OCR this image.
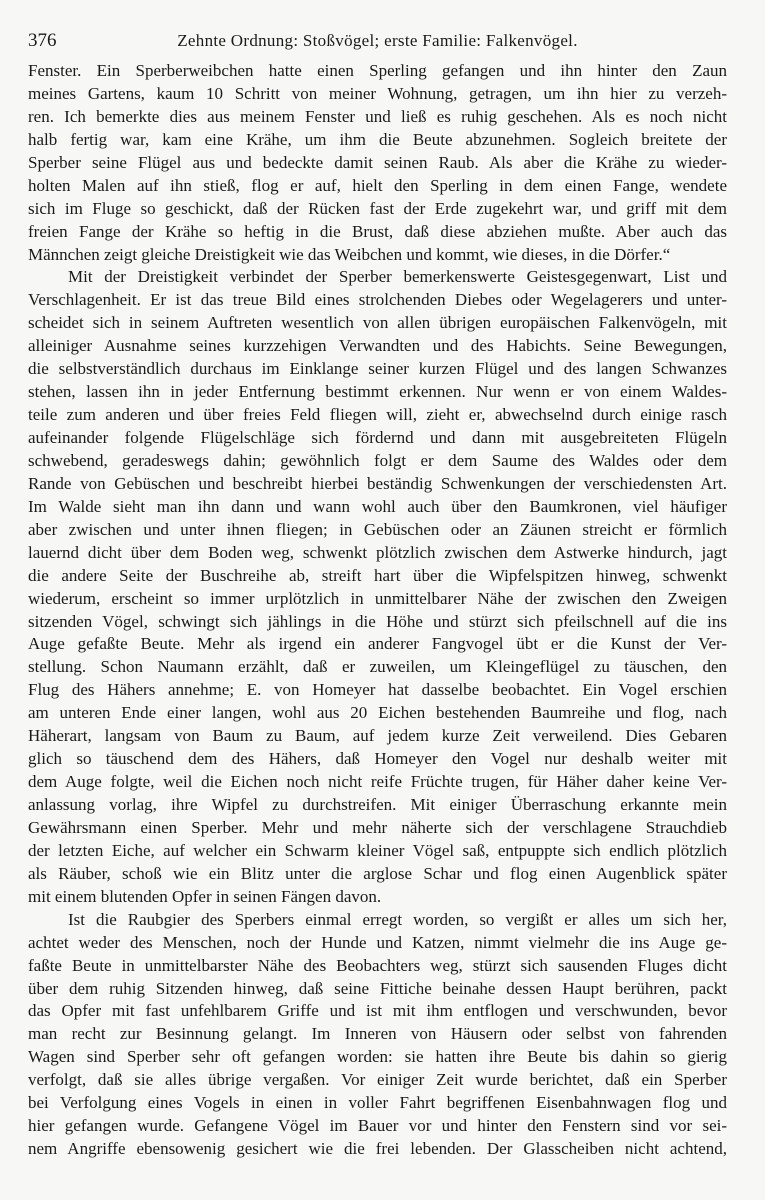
376	Zehnte Ordnung: Stoßvögel; erste Familie: Falkenvögel.
Fenster. Ein Sperberweibchen hatte einen Sperling gefangen und ihn hinter den Zaun
meines Gartens, kaum 10 Schritt von meiner Wohnung, getragen, um ihn hier zu verzeh-
ren. Ich bemerkte dies aus meinem Fenster und ließ es ruhig geschehen. Als es noch nicht
halb fertig war, kam eine Krähe, um ihm die Beute abzunehmen. Sogleich breitete der
Sperber seine Flügel aus und bedeckte damit seinen Raub. Als aber die Krähe zu wieder-
holten Malen auf ihn stieß, flog er auf, hielt den Sperling in dem einen Fange, wendete
sich im Fluge so geschickt, daß der Rücken fast der Erde zugekehrt war, und griff mit dem
freien Fange der Krähe so heftig in die Brust, daß diese abziehen mußte. Aber auch das
Männchen zeigt gleiche Dreistigkeit wie das Weibchen und kommt, wie dieses, in die Dörfer.“
Mit der Dreistigkeit verbindet der Sperber bemerkenswerte Geistesgegenwart, List und
Verschlagenheit. Er ist das treue Bild eines strolchenden Diebes oder Wegelagerers und unter-
scheidet sich in seinem Auftreten wesentlich von allen übrigen europäischen Falkenvögeln, mit
alleiniger Ausnahme seines kurzzehigen Verwandten und des Habichts. Seine Bewegungen,
die selbstverständlich durchaus im Einklange seiner kurzen Flügel und des langen Schwanzes
stehen, lassen ihn in jeder Entfernung bestimmt erkennen. Nur wenn er von einem Waldes-
teile zum anderen und über freies Feld fliegen will, zieht er, abwechselnd durch einige rasch
aufeinander folgende Flügelschläge sich fördernd und dann mit ausgebreiteten Flügeln
schwebend, geradeswegs dahin; gewöhnlich folgt er dem Saume des Waldes oder dem
Rande von Gebüschen und beschreibt hierbei beständig Schwenkungen der verschiedensten Art.
Im Walde sieht man ihn dann und wann wohl auch über den Baumkronen, viel häufiger
aber zwischen und unter ihnen fliegen; in Gebüschen oder an Zäunen streicht er förmlich
lauernd dicht über dem Boden weg, schwenkt plötzlich zwischen dem Astwerke hindurch, jagt
die andere Seite der Buschreihe ab, streift hart über die Wipfelspitzen hinweg, schwenkt
wiederum, erscheint so immer urplötzlich in unmittelbarer Nähe der zwischen den Zweigen
sitzenden Vögel, schwingt sich jählings in die Höhe und stürzt sich pfeilschnell auf die ins
Auge gefaßte Beute. Mehr als irgend ein anderer Fangvogel übt er die Kunst der Ver-
stellung. Schon Naumann erzählt, daß er zuweilen, um Kleingeflügel zu täuschen, den
Flug des Hähers annehme; E. von Homeyer hat dasselbe beobachtet. Ein Vogel erschien
am unteren Ende einer langen, wohl aus 20 Eichen bestehenden Baumreihe und flog, nach
Häherart, langsam von Baum zu Baum, auf jedem kurze Zeit verweilend. Dies Gebaren
glich so täuschend dem des Hähers, daß Homeyer den Vogel nur deshalb weiter mit
dem Auge folgte, weil die Eichen noch nicht reife Früchte trugen, für Häher daher keine Ver-
anlassung vorlag, ihre Wipfel zu durchstreifen. Mit einiger Überraschung erkannte mein
Gewährsmann einen Sperber. Mehr und mehr näherte sich der verschlagene Strauchdieb
der letzten Eiche, auf welcher ein Schwarm kleiner Vögel saß, entpuppte sich endlich plötzlich
als Räuber, schoß wie ein Blitz unter die arglose Schar und flog einen Augenblick später
mit einem blutenden Opfer in seinen Fängen davon.
Ist die Raubgier des Sperbers einmal erregt worden, so vergißt er alles um sich her,
achtet weder des Menschen, noch der Hunde und Katzen, nimmt vielmehr die ins Auge ge-
faßte Beute in unmittelbarster Nähe des Beobachters weg, stürzt sich sausenden Fluges dicht
über dem ruhig Sitzenden hinweg, daß seine Fittiche beinahe dessen Haupt berühren, packt
das Opfer mit fast unfehlbarem Griffe und ist mit ihm entflogen und verschwunden, bevor
man recht zur Besinnung gelangt. Im Inneren von Häusern oder selbst von fahrenden
Wagen sind Sperber sehr oft gefangen worden: sie hatten ihre Beute bis dahin so gierig
verfolgt, daß sie alles übrige vergaßen. Vor einiger Zeit wurde berichtet, daß ein Sperber
bei Verfolgung eines Vogels in einen in voller Fahrt begriffenen Eisenbahnwagen flog und
hier gefangen wurde. Gefangene Vögel im Bauer vor und hinter den Fenstern sind vor sei-
nem Angriffe ebensowenig gesichert wie die frei lebenden. Der Glasscheiben nicht achtend,
